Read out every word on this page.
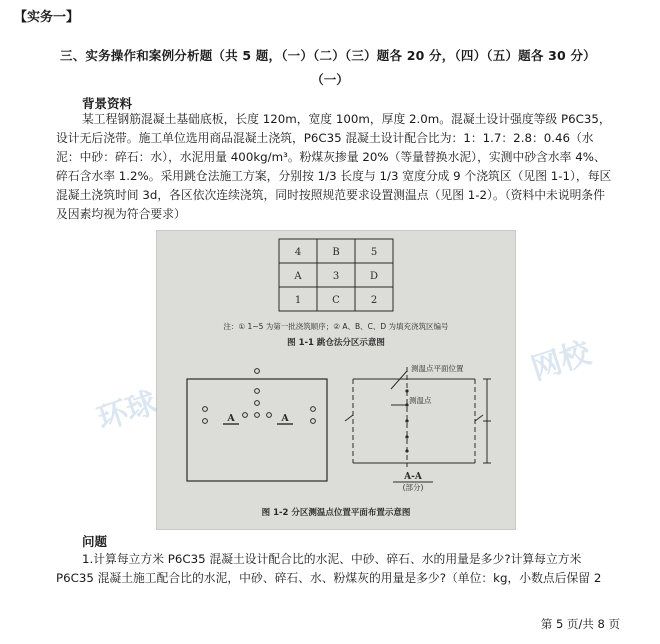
【实务一】
三、实务操作和案例分析题（共 5 题，（一）（二）（三）题各 20 分，（四）（五）题各 30 分）
（一）
背景资料

某工程钢筋混凝土基础底板，长度 120m，宽度 100m，厚度 2.0m。混凝土设计强度等级 P6C35，设计无后浇带。施工单位选用商品混凝土浇筑，P6C35 混凝土设计配合比为：1：1.7：2.8：0.46（水泥：中砂：碎石：水），水泥用量 400kg/m³。粉煤灰掺量 20%（等量替换水泥），实测中砂含水率 4%、碎石含水率 1.2%。采用跳仓法施工方案，分别按 1/3 长度与 1/3 宽度分成 9 个浇筑区（见图 1-1），每区混凝土浇筑时间 3d，各区依次连续浇筑，同时按照规范要求设置测温点（见图 1-2）。（资料中未说明条件及因素均视为符合要求）

4	B	5
A	3	D
1	C	2
注：① 1~5 为第一批浇筑顺序；② A、B、C、D 为填充浇筑区编号
图 1-1 跳仓法分区示意图
A	A
测温点平面位置
测温点
A-A
(部分)
图 1-2 分区测温点位置平面布置示意图
环球
网校
问题

1.计算每立方米 P6C35 混凝土设计配合比的水泥、中砂、碎石、水的用量是多少?计算每立方米 P6C35 混凝土施工配合比的水泥，中砂、碎石、水、粉煤灰的用量是多少?（单位：kg，小数点后保留 2

第 5 页/共 8 页
